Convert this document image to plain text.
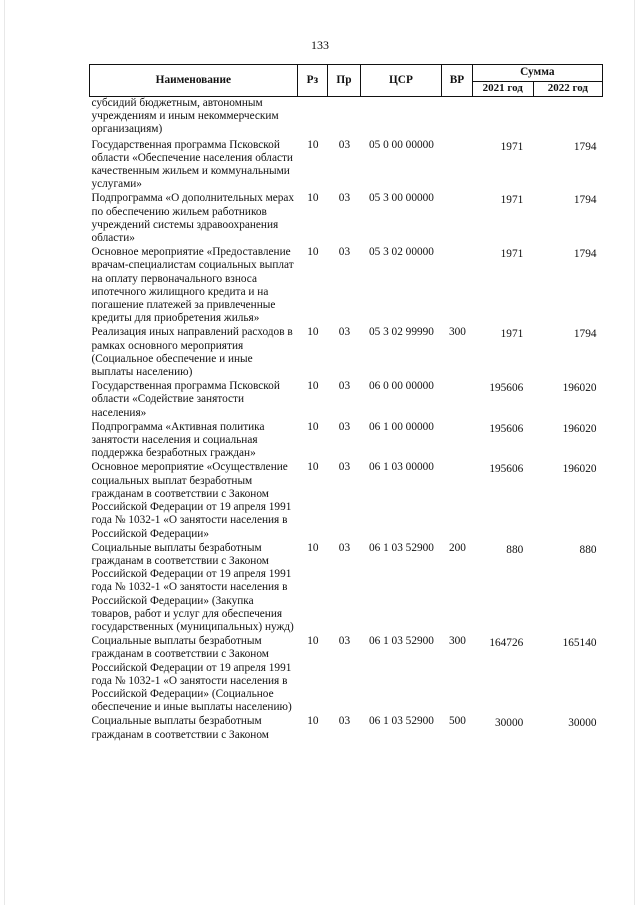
133
Наименование	Рз	Пр	ЦСР	ВР	Сумма	
					2021 год	2022 год
субсидий бюджетным, автономным учреждениям и иным некоммерческим организациям)						
Государственная программа Псковской области «Обеспечение населения области качественным жильем и коммунальными услугами»	10	03	05 0 00 00000		1971	1794
Подпрограмма «О дополнительных мерах по обеспечению жильем работников учреждений системы здравоохранения области»	10	03	05 3 00 00000		1971	1794
Основное мероприятие «Предоставление врачам-специалистам социальных выплат на оплату первоначального взноса ипотечного жилищного кредита и на погашение платежей за привлеченные кредиты для приобретения жилья»	10	03	05 3 02 00000		1971	1794
Реализация иных направлений расходов в рамках основного мероприятия (Социальное обеспечение и иные выплаты населению)	10	03	05 3 02 99990	300	1971	1794
Государственная программа Псковской области «Содействие занятости населения»	10	03	06 0 00 00000		195606	196020
Подпрограмма «Активная политика занятости населения и социальная поддержка безработных граждан»	10	03	06 1 00 00000		195606	196020
Основное мероприятие «Осуществление социальных выплат безработным гражданам в соответствии с Законом Российской Федерации от 19 апреля 1991 года № 1032-1 «О занятости населения в Российской Федерации»	10	03	06 1 03 00000		195606	196020
Социальные выплаты безработным гражданам в соответствии с Законом Российской Федерации от 19 апреля 1991 года № 1032-1 «О занятости населения в Российской Федерации» (Закупка товаров, работ и услуг для обеспечения государственных (муниципальных) нужд)	10	03	06 1 03 52900	200	880	880
Социальные выплаты безработным гражданам в соответствии с Законом Российской Федерации от 19 апреля 1991 года № 1032-1 «О занятости населения в Российской Федерации» (Социальное обеспечение и иные выплаты населению)	10	03	06 1 03 52900	300	164726	165140
Социальные выплаты безработным гражданам в соответствии с Законом	10	03	06 1 03 52900	500	30000	30000
